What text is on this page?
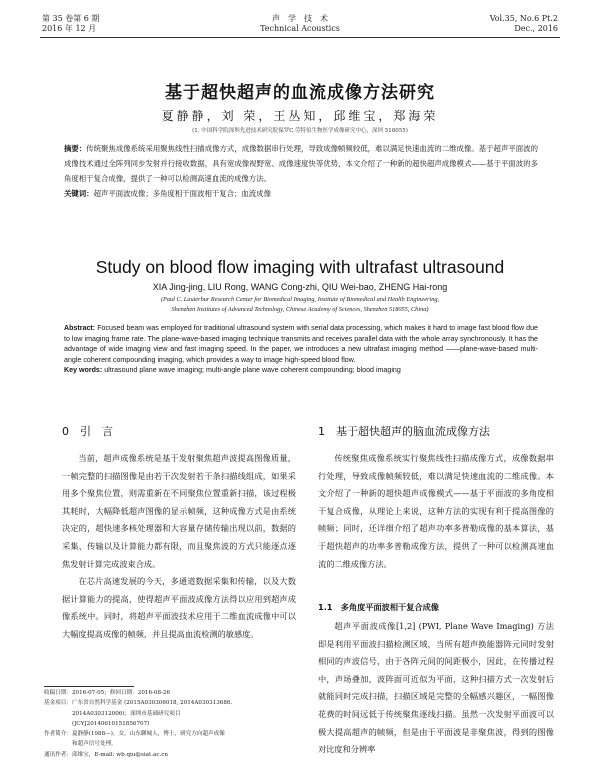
第 35 卷第 6 期
2016 年 12 月
声　学　技　术
Technical Acoustics
Vol.35, No.6 Pt.2
Dec., 2016
基于超快超声的血流成像方法研究
夏静静，刘 荣，王丛知，邱维宝，郑海荣
(1. 中国科学院深圳先进技术研究院保罗C.劳特伯生物医学成像研究中心，深圳 518055)
摘要：传统聚焦成像系统采用聚焦线性扫描成像方式，成像数据串行处理，导致成像帧频较低，难以满足快速血流的二维成像。基于超声平面波的成像技术通过全阵列同步发射并行接收数据，具有宽成像视野宽、成像速度快等优势，本文介绍了一种新的超快超声成像模式——基于平面波的多角度相干复合成像，提供了一种可以检测高速血流的成像方法。
关键词：超声平面波成像；多角度相干面波相干复合；血流成像
Study on blood flow imaging with ultrafast ultrasound
XIA Jing-jing, LIU Rong, WANG Cong-zhi, QIU Wei-bao, ZHENG Hai-rong
(Paul C. Lauterbur Research Center for Biomedical Imaging, Institute of Biomedical and Health Engineering,
Shenzhen Institutes of Advanced Technology, Chinese Academy of Sciences, Shenzhen 518055, China)
Abstract: Focused beam was employed for traditional ultrasound system with serial data processing, which makes it hard to image fast blood flow due to low imaging frame rate. The plane-wave-based imaging technique transmits and receives parallel data with the whole array synchronously. It has the advantage of wide imaging view and fast imaging speed. In the paper, we introduces a new ultrafast imaging method ——plane-wave-based multi-angle coherent compounding imaging, which provides a way to image high-speed blood flow.
Key words: ultrasound plane wave imaging; multi-angle plane wave coherent compounding; blood imaging
0　引　言	1　基于超快超声的脑血流成像方法

当前，超声成像系统是基于发射聚焦超声波提高图像质量，一帧完整的扫描图像是由若干次发射若干条扫描线组成，如果采用多个聚焦位置，则需重新在不同聚焦位置重新扫描，该过程极其耗时，大幅降低超声图像的显示帧频，这种成像方式是由系统决定的，超快速多核处理器和大容量存储传输出现以前，数据的采集、传输以及计算能力都有限，而且聚焦波的方式只能逐点逐焦发射计算完成波束合成。

在芯片高速发展的今天，多通道数据采集和传输，以及大数据计算能力的提高，使得超声平面波成像方法得以应用到超声成像系统中。同时，将超声平面波技术应用于二维血流成像中可以大幅度提高成像的帧频，并且提高血流检测的敏感度。

传统聚焦成像系统实行聚焦线性扫描成像方式，成像数据串行处理，导致成像帧频较低，难以满足快速血流的二维成像。本文介绍了一种新的超快超声成像模式——基于平面波的多角度相干复合成像，从理论上来说，这种方法的实现有利于提高图像的帧频；同时，还详细介绍了超声功率多普勒成像的基本算法，基于超快超声的功率多普勒成像方法，提供了一种可以检测高速血流的二维成像方法。

1.1　多角度平面波相干复合成像

超声平面波成像[1,2] (PWI, Plane Wave Imaging) 方法即是利用平面波扫描检测区域，当所有超声换能器阵元同时发射相同的声波信号，由于各阵元间的间距极小，因此，在传播过程中，声场叠加，波阵面可近似为平面，这种扫描方式一次发射后就能同时完成扫描，扫描区域是完整的全幅感兴趣区，一幅图像花费的时间远低于传统聚焦逐线扫描。虽然一次发射平面波可以极大提高超声的帧频，但是由于平面波是非聚焦波，得到的图像对比度和分辨率

收稿日期：2016-07-05；修回日期：2016-08-26
基金项目：广东省自然科学基金 (2015A030306018, 2014A030313686、
2014A030312006)；深圳市基础研究项目
(JCYJ20140610151856707)
作者简介：夏静静(1988—)，女，山东聊城人，博士，研究方向超声成像
和超声信号处理。
通讯作者：邱维宝，E-mail: wb.qiu@siat.ac.cn
